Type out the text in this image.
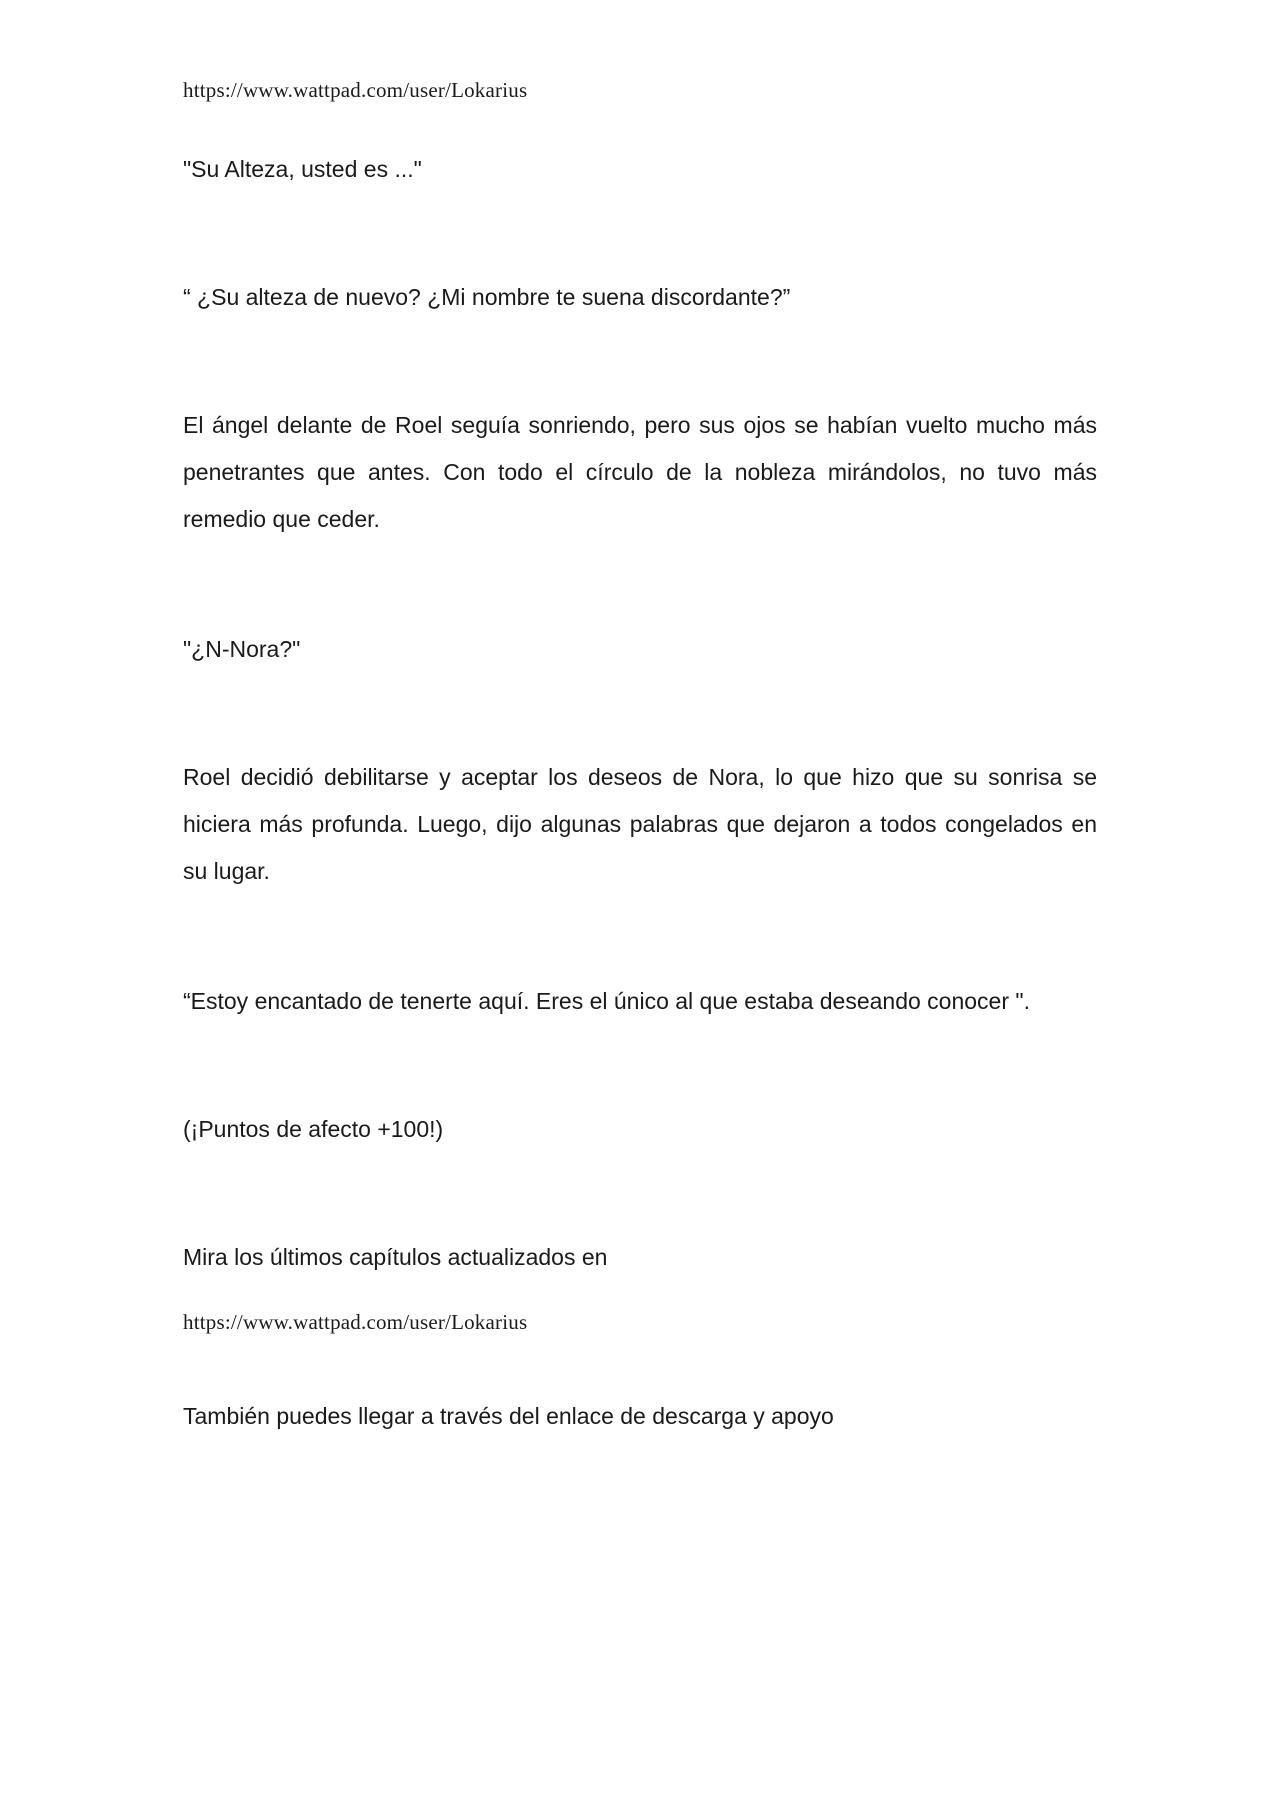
https://www.wattpad.com/user/Lokarius

"Su Alteza, usted es ..."

“ ¿Su alteza de nuevo? ¿Mi nombre te suena discordante?”

El ángel delante de Roel seguía sonriendo, pero sus ojos se habían vuelto mucho más penetrantes que antes. Con todo el círculo de la nobleza mirándolos, no tuvo más remedio que ceder.

"¿N-Nora?"

Roel decidió debilitarse y aceptar los deseos de Nora, lo que hizo que su sonrisa se hiciera más profunda. Luego, dijo algunas palabras que dejaron a todos congelados en su lugar.

“Estoy encantado de tenerte aquí. Eres el único al que estaba deseando conocer ".

(¡Puntos de afecto +100!)

Mira los últimos capítulos actualizados en

https://www.wattpad.com/user/Lokarius

También puedes llegar a través del enlace de descarga y apoyo
